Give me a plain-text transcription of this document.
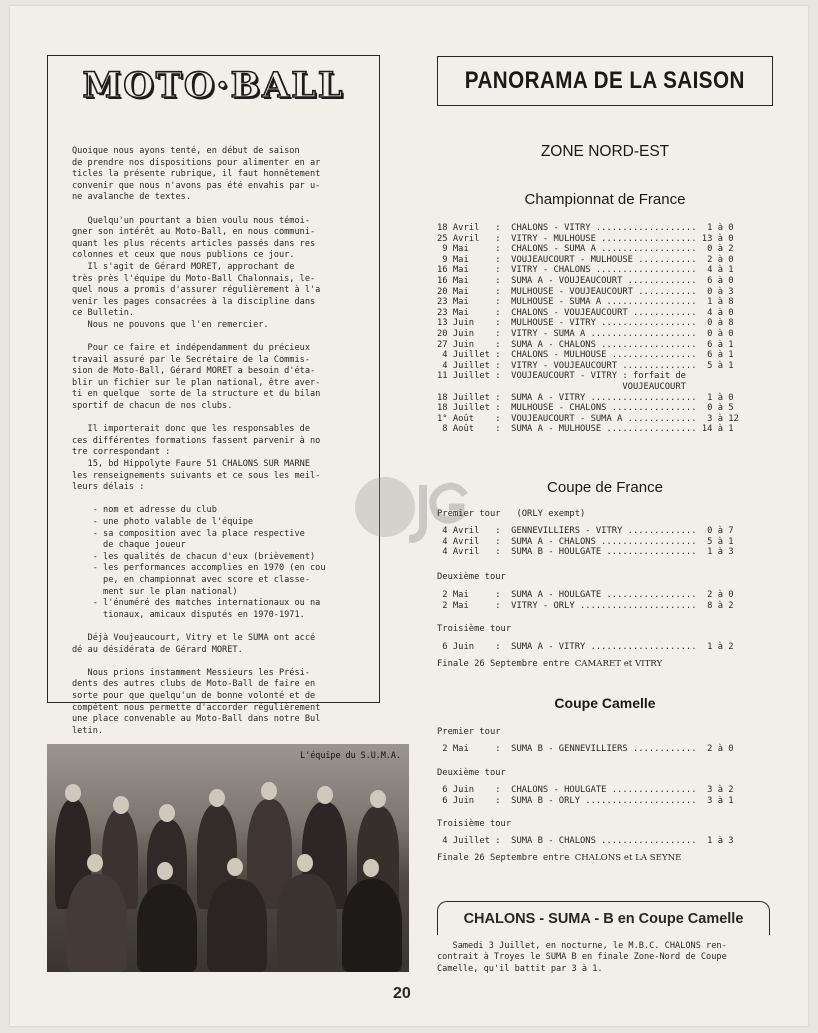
MOTO·BALL
Quoique nous ayons tenté, en début de saison
de prendre nos dispositions pour alimenter en ar
ticles la présente rubrique, il faut honnêtement
convenir que nous n'avons pas été envahis par u-
ne avalanche de textes.

Quelqu'un pourtant a bien voulu nous témoi-
gner son intérêt au Moto-Ball, en nous communi-
quant les plus récents articles passés dans res
colonnes et ceux que nous publions ce jour.
Il s'agit de Gérard MORET, approchant de
très près l'équipe du Moto-Ball Chalonnais, le-
quel nous a promis d'assurer régulièrement à l'a
venir les pages consacrées à la discipline dans
ce Bulletin.
Nous ne pouvons que l'en remercier.

Pour ce faire et indépendamment du précieux
travail assuré par le Secrétaire de la Commis-
sion de Moto-Ball, Gérard MORET a besoin d'éta-
blir un fichier sur le plan national, être aver-
ti en quelque  sorte de la structure et du bilan
sportif de chacun de nos clubs.

Il importerait donc que les responsables de
ces différentes formations fassent parvenir à no
tre correspondant :
15, bd Hippolyte Faure 51 CHALONS SUR MARNE
les renseignements suivants et ce sous les meil-
leurs délais :

- nom et adresse du club
- une photo valable de l'équipe
- sa composition avec la place respective
de chaque joueur
- les qualités de chacun d'eux (brièvement)
- les performances accomplies en 1970 (en cou
pe, en championnat avec score et classe-
ment sur le plan national)
- l'énuméré des matches internationaux ou na
tionaux, amicaux disputés en 1970-1971.

Déjà Voujeaucourt, Vitry et le SUMA ont accé
dé au désidérata de Gérard MORET.

Nous prions instamment Messieurs les Prési-
dents des autres clubs de Moto-Ball de faire en
sorte pour que quelqu'un de bonne volonté et de
compétent nous permette d'accorder régulièrement
une place convenable au Moto-Ball dans notre Bul
letin.
L'équipe du S.U.M.A.
20
PANORAMA DE LA SAISON
ZONE NORD-EST
Championnat de France
18 Avril   :  CHALONS - VITRY ...................  1 à 0
25 Avril   :  VITRY - MULHOUSE .................. 13 à 0
9 Mai     :  CHALONS - SUMA A ..................  0 à 2
9 Mai     :  VOUJEAUCOURT - MULHOUSE ...........  2 à 0
16 Mai     :  VITRY - CHALONS ...................  4 à 1
16 Mai     :  SUMA A - VOUJEAUCOURT .............  6 à 0
20 Mai     :  MULHOUSE - VOUJEAUCOURT ...........  0 à 3
23 Mai     :  MULHOUSE - SUMA A .................  1 à 8
23 Mai     :  CHALONS - VOUJEAUCOURT ............  4 à 0
13 Juin    :  MULHOUSE - VITRY ..................  0 à 8
20 Juin    :  VITRY - SUMA A ....................  0 à 0
27 Juin    :  SUMA A - CHALONS ..................  6 à 1
4 Juillet :  CHALONS - MULHOUSE ................  6 à 1
4 Juillet :  VITRY - VOUJEAUCOURT ..............  5 à 1
11 Juillet :  VOUJEAUCOURT - VITRY : forfait de
VOUJEAUCOURT
18 Juillet :  SUMA A - VITRY ....................  1 à 0
18 Juillet :  MULHOUSE - CHALONS ................  0 à 5
1° Août    :  VOUJEAUCOURT - SUMA A .............  3 à 12
8 Août    :  SUMA A - MULHOUSE ................. 14 à 1
Coupe de France
Premier tour   (ORLY exempt)
4 Avril   :  GENNEVILLIERS - VITRY .............  0 à 7
4 Avril   :  SUMA A - CHALONS ..................  5 à 1
4 Avril   :  SUMA B - HOULGATE .................  1 à 3
Deuxième tour
2 Mai     :  SUMA A - HOULGATE .................  2 à 0
2 Mai     :  VITRY - ORLY ......................  8 à 2
Troisième tour
6 Juin    :  SUMA A - VITRY ....................  1 à 2
Finale 26 Septembre entre CAMARET et VITRY
Coupe Camelle
Premier tour
2 Mai     :  SUMA B - GENNEVILLIERS ............  2 à 0
Deuxième tour
6 Juin    :  CHALONS - HOULGATE ................  3 à 2
6 Juin    :  SUMA B - ORLY .....................  3 à 1
Troisième tour
4 Juillet :  SUMA B - CHALONS ..................  1 à 3
Finale 26 Septembre entre CHALONS et LA SEYNE
CHALONS - SUMA - B en Coupe Camelle
Samedi 3 Juillet, en nocturne, le M.B.C. CHALONS ren-
contrait à Troyes le SUMA B en finale Zone-Nord de Coupe
Camelle, qu'il battit par 3 à 1.
